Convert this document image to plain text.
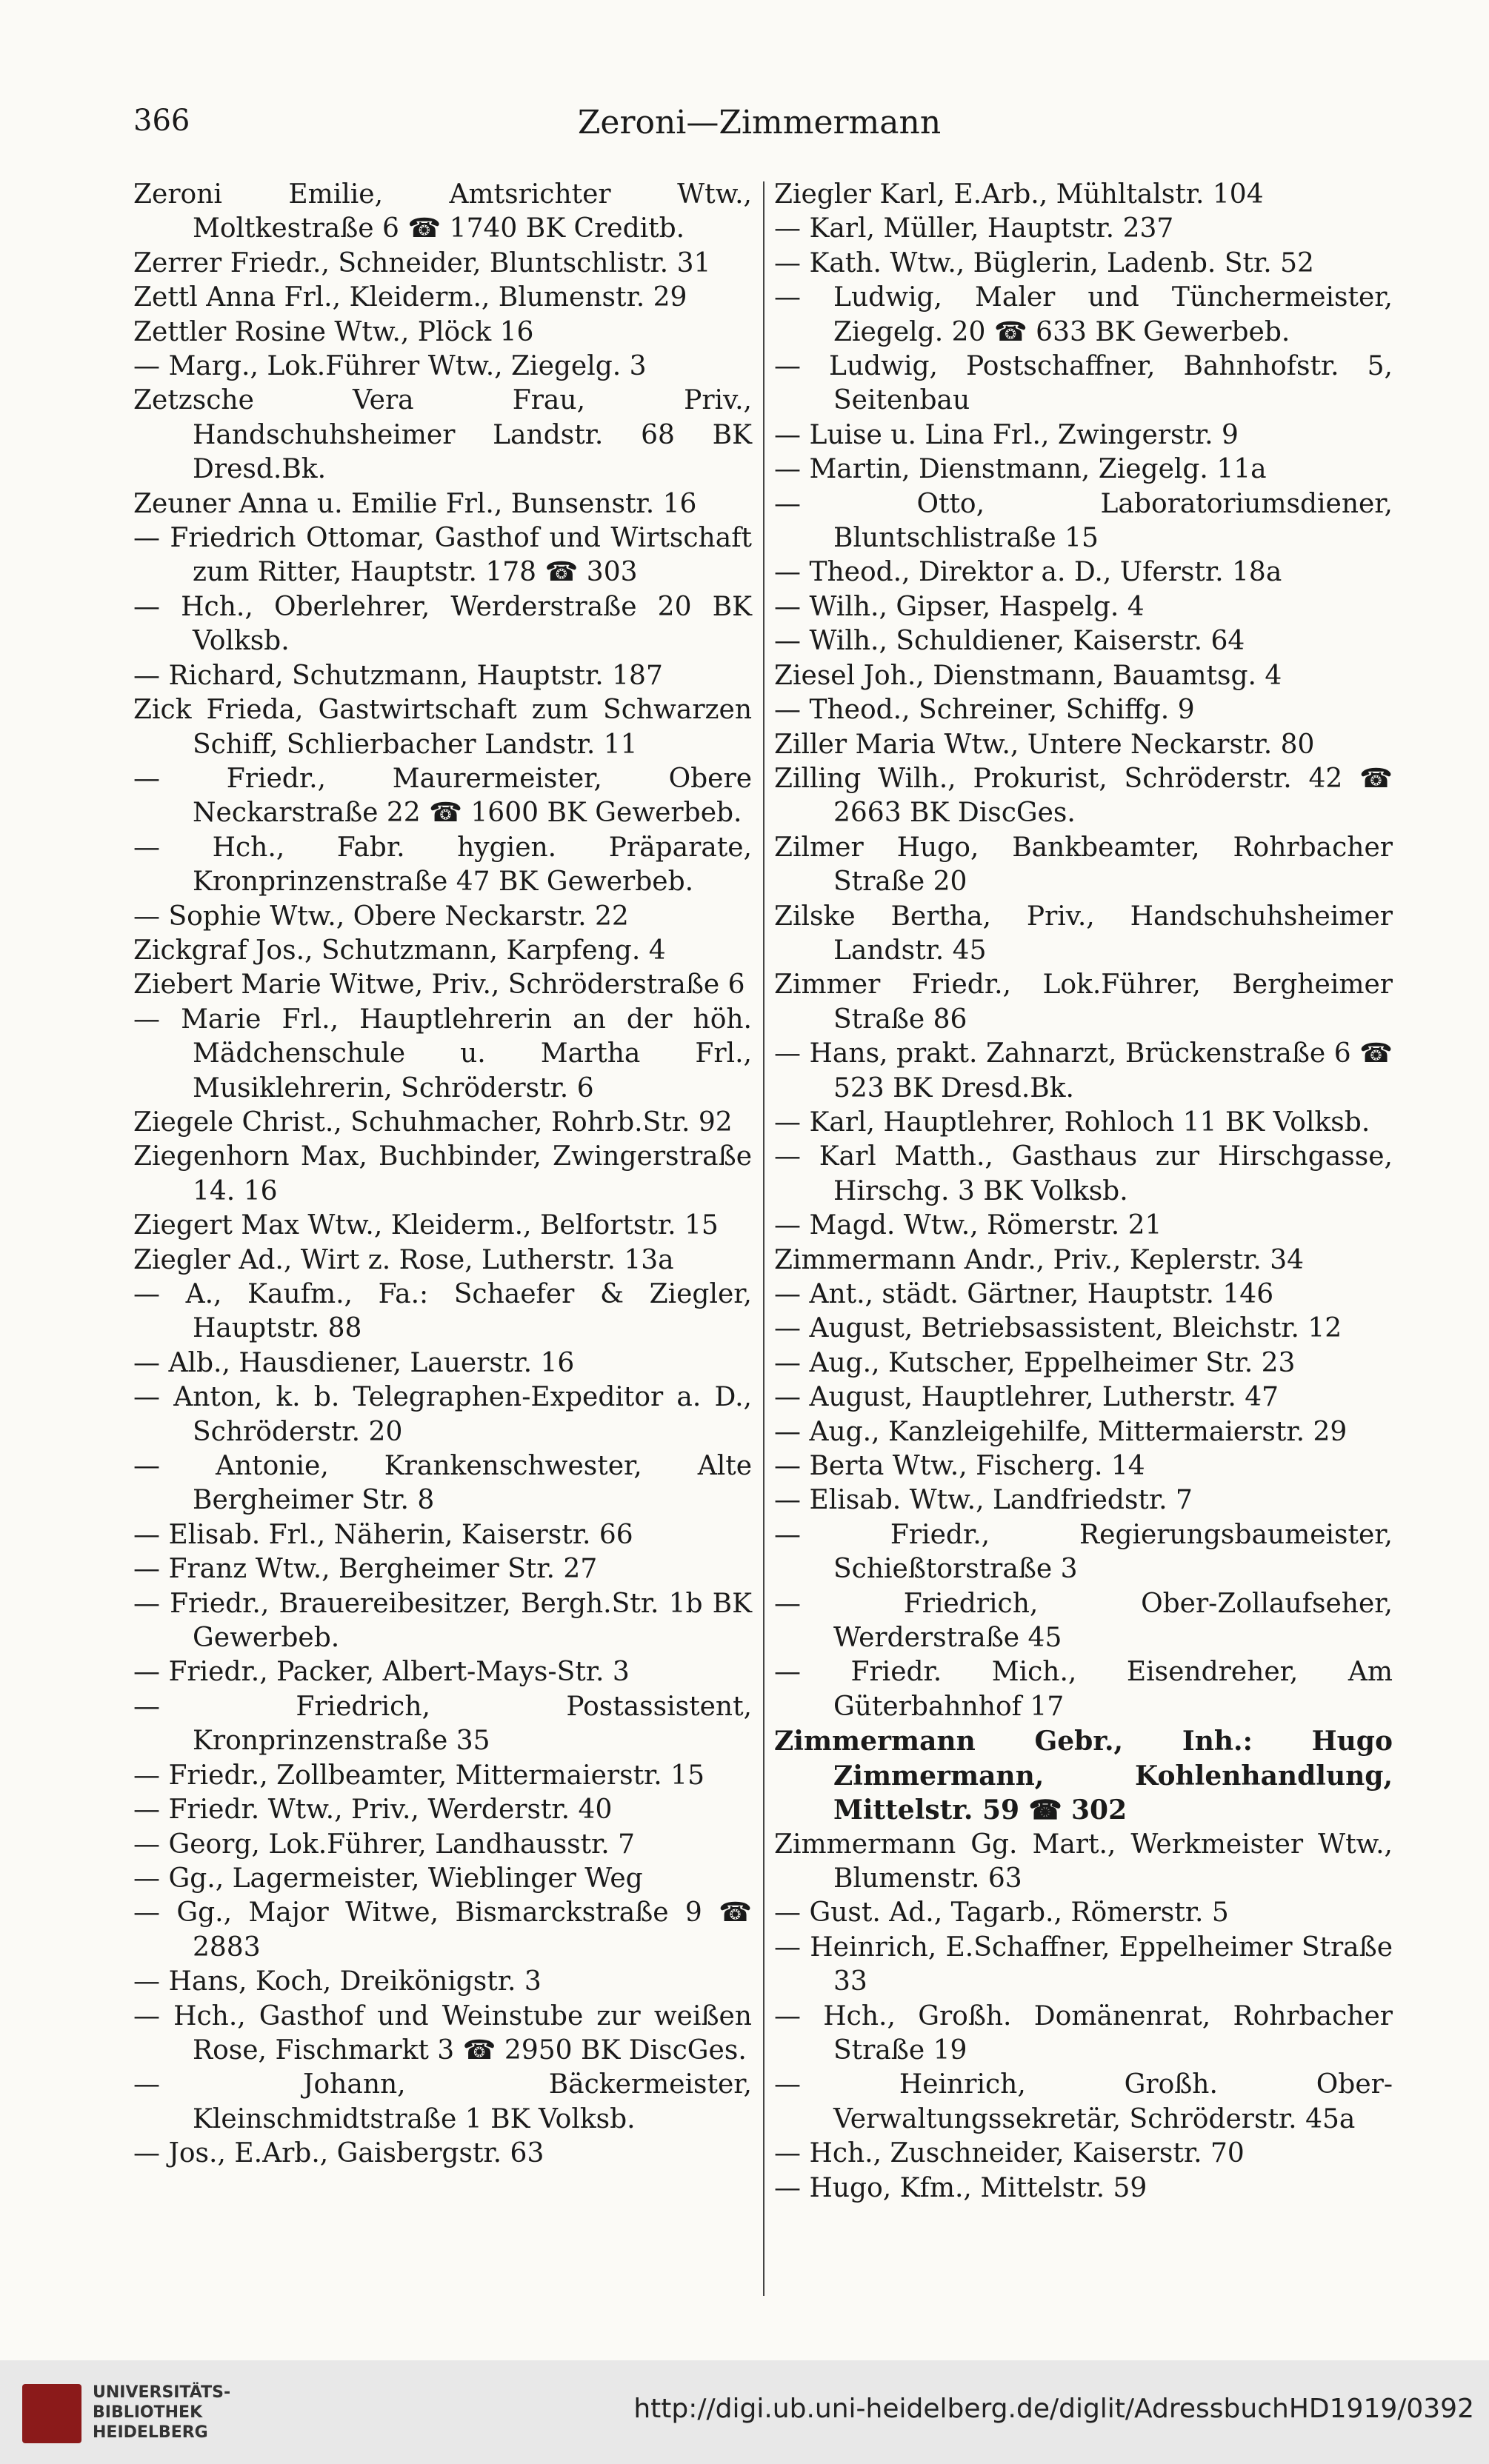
366	Zeroni—Zimmermann

Zeroni Emilie, Amtsrichter Wtw., Moltkestraße 6 ☎ 1740 BK Creditb.

Zerrer Friedr., Schneider, Bluntschlistr. 31

Zettl Anna Frl., Kleiderm., Blumenstr. 29

Zettler Rosine Wtw., Plöck 16

— Marg., Lok.Führer Wtw., Ziegelg. 3

Zetzsche Vera Frau, Priv., Handschuhsheimer Landstr. 68 BK Dresd.Bk.

Zeuner Anna u. Emilie Frl., Bunsenstr. 16

— Friedrich Ottomar, Gasthof und Wirtschaft zum Ritter, Hauptstr. 178 ☎ 303

— Hch., Oberlehrer, Werderstraße 20 BK Volksb.

— Richard, Schutzmann, Hauptstr. 187

Zick Frieda, Gastwirtschaft zum Schwarzen Schiff, Schlierbacher Landstr. 11

— Friedr., Maurermeister, Obere Neckarstraße 22 ☎ 1600 BK Gewerbeb.

— Hch., Fabr. hygien. Präparate, Kronprinzenstraße 47 BK Gewerbeb.

— Sophie Wtw., Obere Neckarstr. 22

Zickgraf Jos., Schutzmann, Karpfeng. 4

Ziebert Marie Witwe, Priv., Schröderstraße 6

— Marie Frl., Hauptlehrerin an der höh. Mädchenschule u. Martha Frl., Musiklehrerin, Schröderstr. 6

Ziegele Christ., Schuhmacher, Rohrb.Str. 92

Ziegenhorn Max, Buchbinder, Zwingerstraße 14. 16

Ziegert Max Wtw., Kleiderm., Belfortstr. 15

Ziegler Ad., Wirt z. Rose, Lutherstr. 13a

— A., Kaufm., Fa.: Schaefer & Ziegler, Hauptstr. 88

— Alb., Hausdiener, Lauerstr. 16

— Anton, k. b. Telegraphen-Expeditor a. D., Schröderstr. 20

— Antonie, Krankenschwester, Alte Bergheimer Str. 8

— Elisab. Frl., Näherin, Kaiserstr. 66

— Franz Wtw., Bergheimer Str. 27

— Friedr., Brauereibesitzer, Bergh.Str. 1b BK Gewerbeb.

— Friedr., Packer, Albert-Mays-Str. 3

— Friedrich, Postassistent, Kronprinzenstraße 35

— Friedr., Zollbeamter, Mittermaierstr. 15

— Friedr. Wtw., Priv., Werderstr. 40

— Georg, Lok.Führer, Landhausstr. 7

— Gg., Lagermeister, Wieblinger Weg

— Gg., Major Witwe, Bismarckstraße 9 ☎ 2883

— Hans, Koch, Dreikönigstr. 3

— Hch., Gasthof und Weinstube zur weißen Rose, Fischmarkt 3 ☎ 2950 BK DiscGes.

— Johann, Bäckermeister, Kleinschmidtstraße 1 BK Volksb.

— Jos., E.Arb., Gaisbergstr. 63

Ziegler Karl, E.Arb., Mühltalstr. 104

— Karl, Müller, Hauptstr. 237

— Kath. Wtw., Büglerin, Ladenb. Str. 52

— Ludwig, Maler und Tünchermeister, Ziegelg. 20 ☎ 633 BK Gewerbeb.

— Ludwig, Postschaffner, Bahnhofstr. 5, Seitenbau

— Luise u. Lina Frl., Zwingerstr. 9

— Martin, Dienstmann, Ziegelg. 11a

— Otto, Laboratoriumsdiener, Bluntschlistraße 15

— Theod., Direktor a. D., Uferstr. 18a

— Wilh., Gipser, Haspelg. 4

— Wilh., Schuldiener, Kaiserstr. 64

Ziesel Joh., Dienstmann, Bauamtsg. 4

— Theod., Schreiner, Schiffg. 9

Ziller Maria Wtw., Untere Neckarstr. 80

Zilling Wilh., Prokurist, Schröderstr. 42 ☎ 2663 BK DiscGes.

Zilmer Hugo, Bankbeamter, Rohrbacher Straße 20

Zilske Bertha, Priv., Handschuhsheimer Landstr. 45

Zimmer Friedr., Lok.Führer, Bergheimer Straße 86

— Hans, prakt. Zahnarzt, Brückenstraße 6 ☎ 523 BK Dresd.Bk.

— Karl, Hauptlehrer, Rohloch 11 BK Volksb.

— Karl Matth., Gasthaus zur Hirschgasse, Hirschg. 3 BK Volksb.

— Magd. Wtw., Römerstr. 21

Zimmermann Andr., Priv., Keplerstr. 34

— Ant., städt. Gärtner, Hauptstr. 146

— August, Betriebsassistent, Bleichstr. 12

— Aug., Kutscher, Eppelheimer Str. 23

— August, Hauptlehrer, Lutherstr. 47

— Aug., Kanzleigehilfe, Mittermaierstr. 29

— Berta Wtw., Fischerg. 14

— Elisab. Wtw., Landfriedstr. 7

— Friedr., Regierungsbaumeister, Schießtorstraße 3

— Friedrich, Ober-Zollaufseher, Werderstraße 45

— Friedr. Mich., Eisendreher, Am Güterbahnhof 17

Zimmermann Gebr., Inh.: Hugo Zimmermann, Kohlenhandlung, Mittelstr. 59 ☎ 302

Zimmermann Gg. Mart., Werkmeister Wtw., Blumenstr. 63

— Gust. Ad., Tagarb., Römerstr. 5

— Heinrich, E.Schaffner, Eppelheimer Straße 33

— Hch., Großh. Domänenrat, Rohrbacher Straße 19

— Heinrich, Großh. Ober-Verwaltungssekretär, Schröderstr. 45a

— Hch., Zuschneider, Kaiserstr. 70

— Hugo, Kfm., Mittelstr. 59

UNIVERSITÄTS-
BIBLIOTHEK
HEIDELBERG
http://digi.ub.uni-heidelberg.de/diglit/AdressbuchHD1919/0392
